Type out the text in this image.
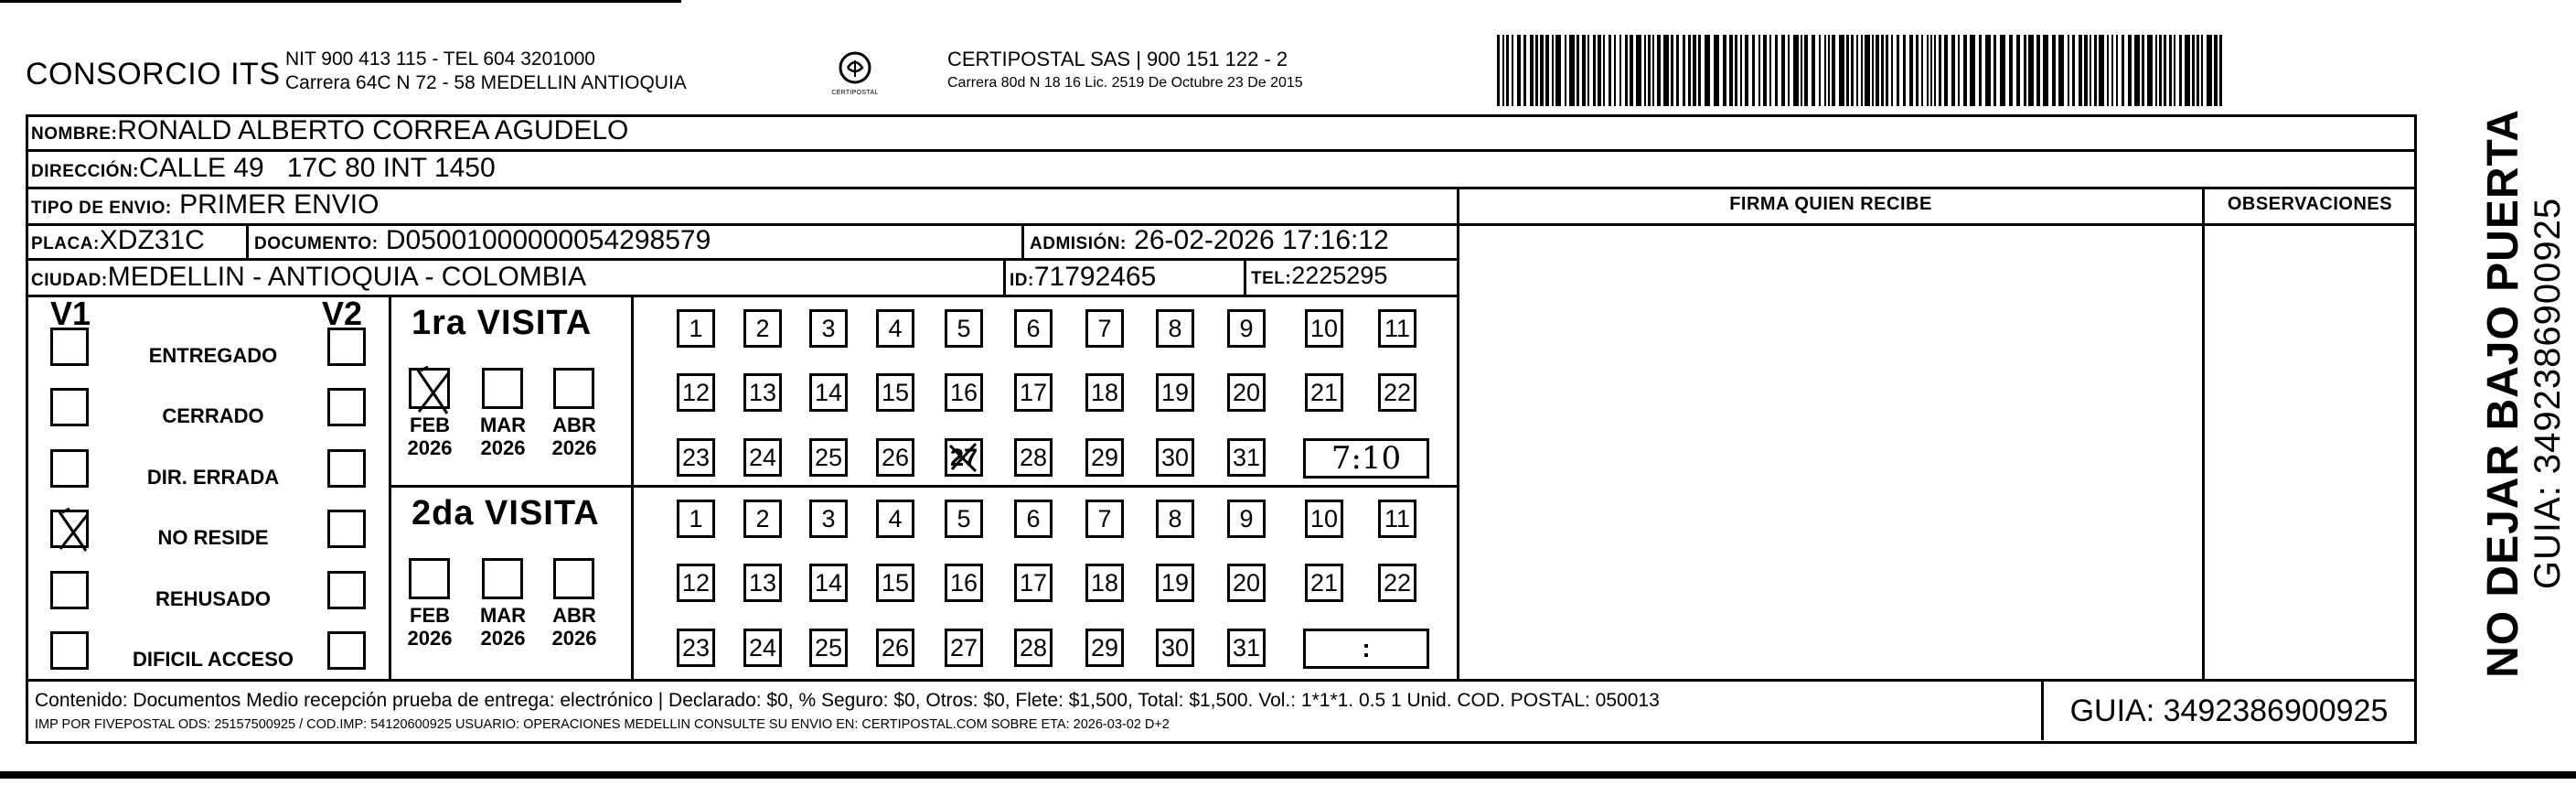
CONSORCIO ITS NIT 900 413 115 - TEL 604 3201000
Carrera 64C N 72 - 58 MEDELLIN ANTIOQUIA	CERTIPOSTAL
CERTIPOSTAL SAS | 900 151 122 - 2
Carrera 80d N 18 16 Lic. 2519 De Octubre 23 De 2015
NOMBRE:RONALD ALBERTO CORREA AGUDELO
DIRECCIÓN:CALLE 49   17C 80 INT 1450
TIPO DE ENVIO: PRIMER ENVIO
PLACA:XDZ31C	DOCUMENTO: D05001000000054298579	ADMISIÓN: 26-02-2026 17:16:12
CIUDAD:MEDELLIN - ANTIOQUIA - COLOMBIA	ID:71792465	TEL:2225295
FIRMA QUIEN RECIBE	OBSERVACIONES
V1	V2
ENTREGADO
CERRADO
DIR. ERRADA
NO RESIDE
REHUSADO
DIFICIL ACCESO
1ra VISITA
FEB
2026
MAR
2026
ABR
2026
1	2	3	4	5	6	7	8	9	10 11
12 13 14 15 16 17 18 19 20 21 22
23 24 25 26 27 28 29 30 31	7:10
2da VISITA
FEB
2026
MAR
2026
ABR
2026
1	2	3	4	5	6	7	8	9	10 11
12 13 14 15 16 17 18 19 20 21 22
23 24 25 26 27 28 29 30 31	:
Contenido: Documentos Medio recepción prueba de entrega: electrónico | Declarado: $0, % Seguro: $0, Otros: $0, Flete: $1,500, Total: $1,500. Vol.: 1*1*1. 0.5 1 Unid. COD. POSTAL: 050013
IMP POR FIVEPOSTAL ODS: 25157500925 / COD.IMP: 54120600925 USUARIO: OPERACIONES MEDELLIN CONSULTE SU ENVIO EN: CERTIPOSTAL.COM SOBRE ETA: 2026-03-02 D+2	GUIA: 3492386900925
NO DEJAR BAJO PUERTA GUIA: 3492386900925
